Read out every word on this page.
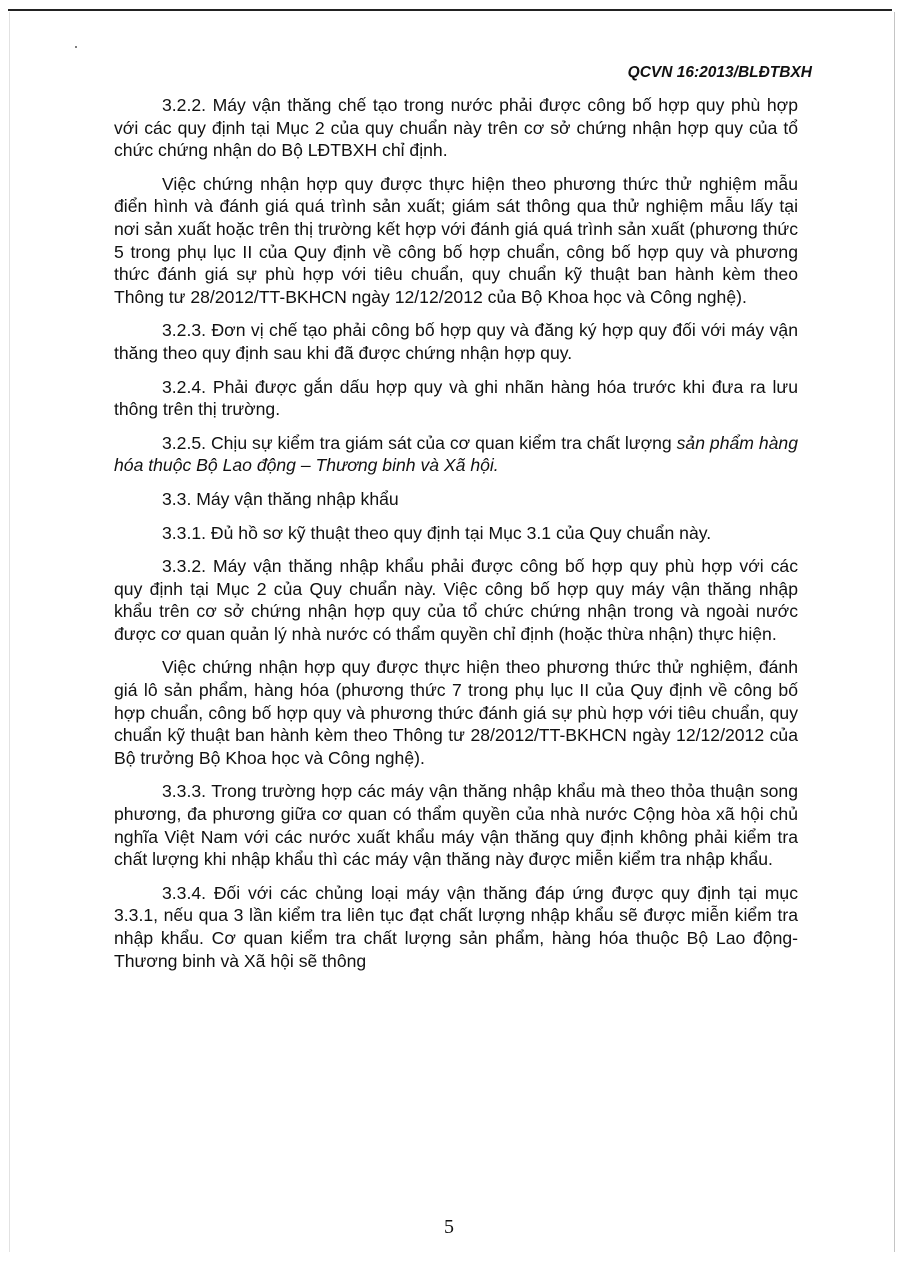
QCVN 16:2013/BLĐTBXH

3.2.2. Máy vận thăng chế tạo trong nước phải được công bố hợp quy phù hợp với các quy định tại Mục 2 của quy chuẩn này trên cơ sở chứng nhận hợp quy của tổ chức chứng nhận do Bộ LĐTBXH chỉ định.

Việc chứng nhận hợp quy được thực hiện theo phương thức thử nghiệm mẫu điển hình và đánh giá quá trình sản xuất; giám sát thông qua thử nghiệm mẫu lấy tại nơi sản xuất hoặc trên thị trường kết hợp với đánh giá quá trình sản xuất (phương thức 5 trong phụ lục II của Quy định về công bố hợp chuẩn, công bố hợp quy và phương thức đánh giá sự phù hợp với tiêu chuẩn, quy chuẩn kỹ thuật ban hành kèm theo Thông tư 28/2012/TT-BKHCN ngày 12/12/2012 của Bộ Khoa học và Công nghệ).

3.2.3. Đơn vị chế tạo phải công bố hợp quy và đăng ký hợp quy đối với máy vận thăng theo quy định sau khi đã được chứng nhận hợp quy.

3.2.4. Phải được gắn dấu hợp quy và ghi nhãn hàng hóa trước khi đưa ra lưu thông trên thị trường.

3.2.5. Chịu sự kiểm tra giám sát của cơ quan kiểm tra chất lượng sản phẩm hàng hóa thuộc Bộ Lao động – Thương binh và Xã hội.

3.3. Máy vận thăng nhập khẩu

3.3.1. Đủ hồ sơ kỹ thuật theo quy định tại Mục 3.1 của Quy chuẩn này.

3.3.2. Máy vận thăng nhập khẩu phải được công bố hợp quy phù hợp với các quy định tại Mục 2 của Quy chuẩn này. Việc công bố hợp quy máy vận thăng nhập khẩu trên cơ sở chứng nhận hợp quy của tổ chức chứng nhận trong và ngoài nước được cơ quan quản lý nhà nước có thẩm quyền chỉ định (hoặc thừa nhận) thực hiện.

Việc chứng nhận hợp quy được thực hiện theo phương thức thử nghiệm, đánh giá lô sản phẩm, hàng hóa (phương thức 7 trong phụ lục II của Quy định về công bố hợp chuẩn, công bố hợp quy và phương thức đánh giá sự phù hợp với tiêu chuẩn, quy chuẩn kỹ thuật ban hành kèm theo Thông tư 28/2012/TT-BKHCN ngày 12/12/2012 của Bộ trưởng Bộ Khoa học và Công nghệ).

3.3.3. Trong trường hợp các máy vận thăng nhập khẩu mà theo thỏa thuận song phương, đa phương giữa cơ quan có thẩm quyền của nhà nước Cộng hòa xã hội chủ nghĩa Việt Nam với các nước xuất khẩu máy vận thăng quy định không phải kiểm tra chất lượng khi nhập khẩu thì các máy vận thăng này được miễn kiểm tra nhập khẩu.

3.3.4. Đối với các chủng loại máy vận thăng đáp ứng được quy định tại mục 3.3.1, nếu qua 3 lần kiểm tra liên tục đạt chất lượng nhập khẩu sẽ được miễn kiểm tra nhập khẩu. Cơ quan kiểm tra chất lượng sản phẩm, hàng hóa thuộc Bộ Lao động- Thương binh và Xã hội sẽ thông

5
